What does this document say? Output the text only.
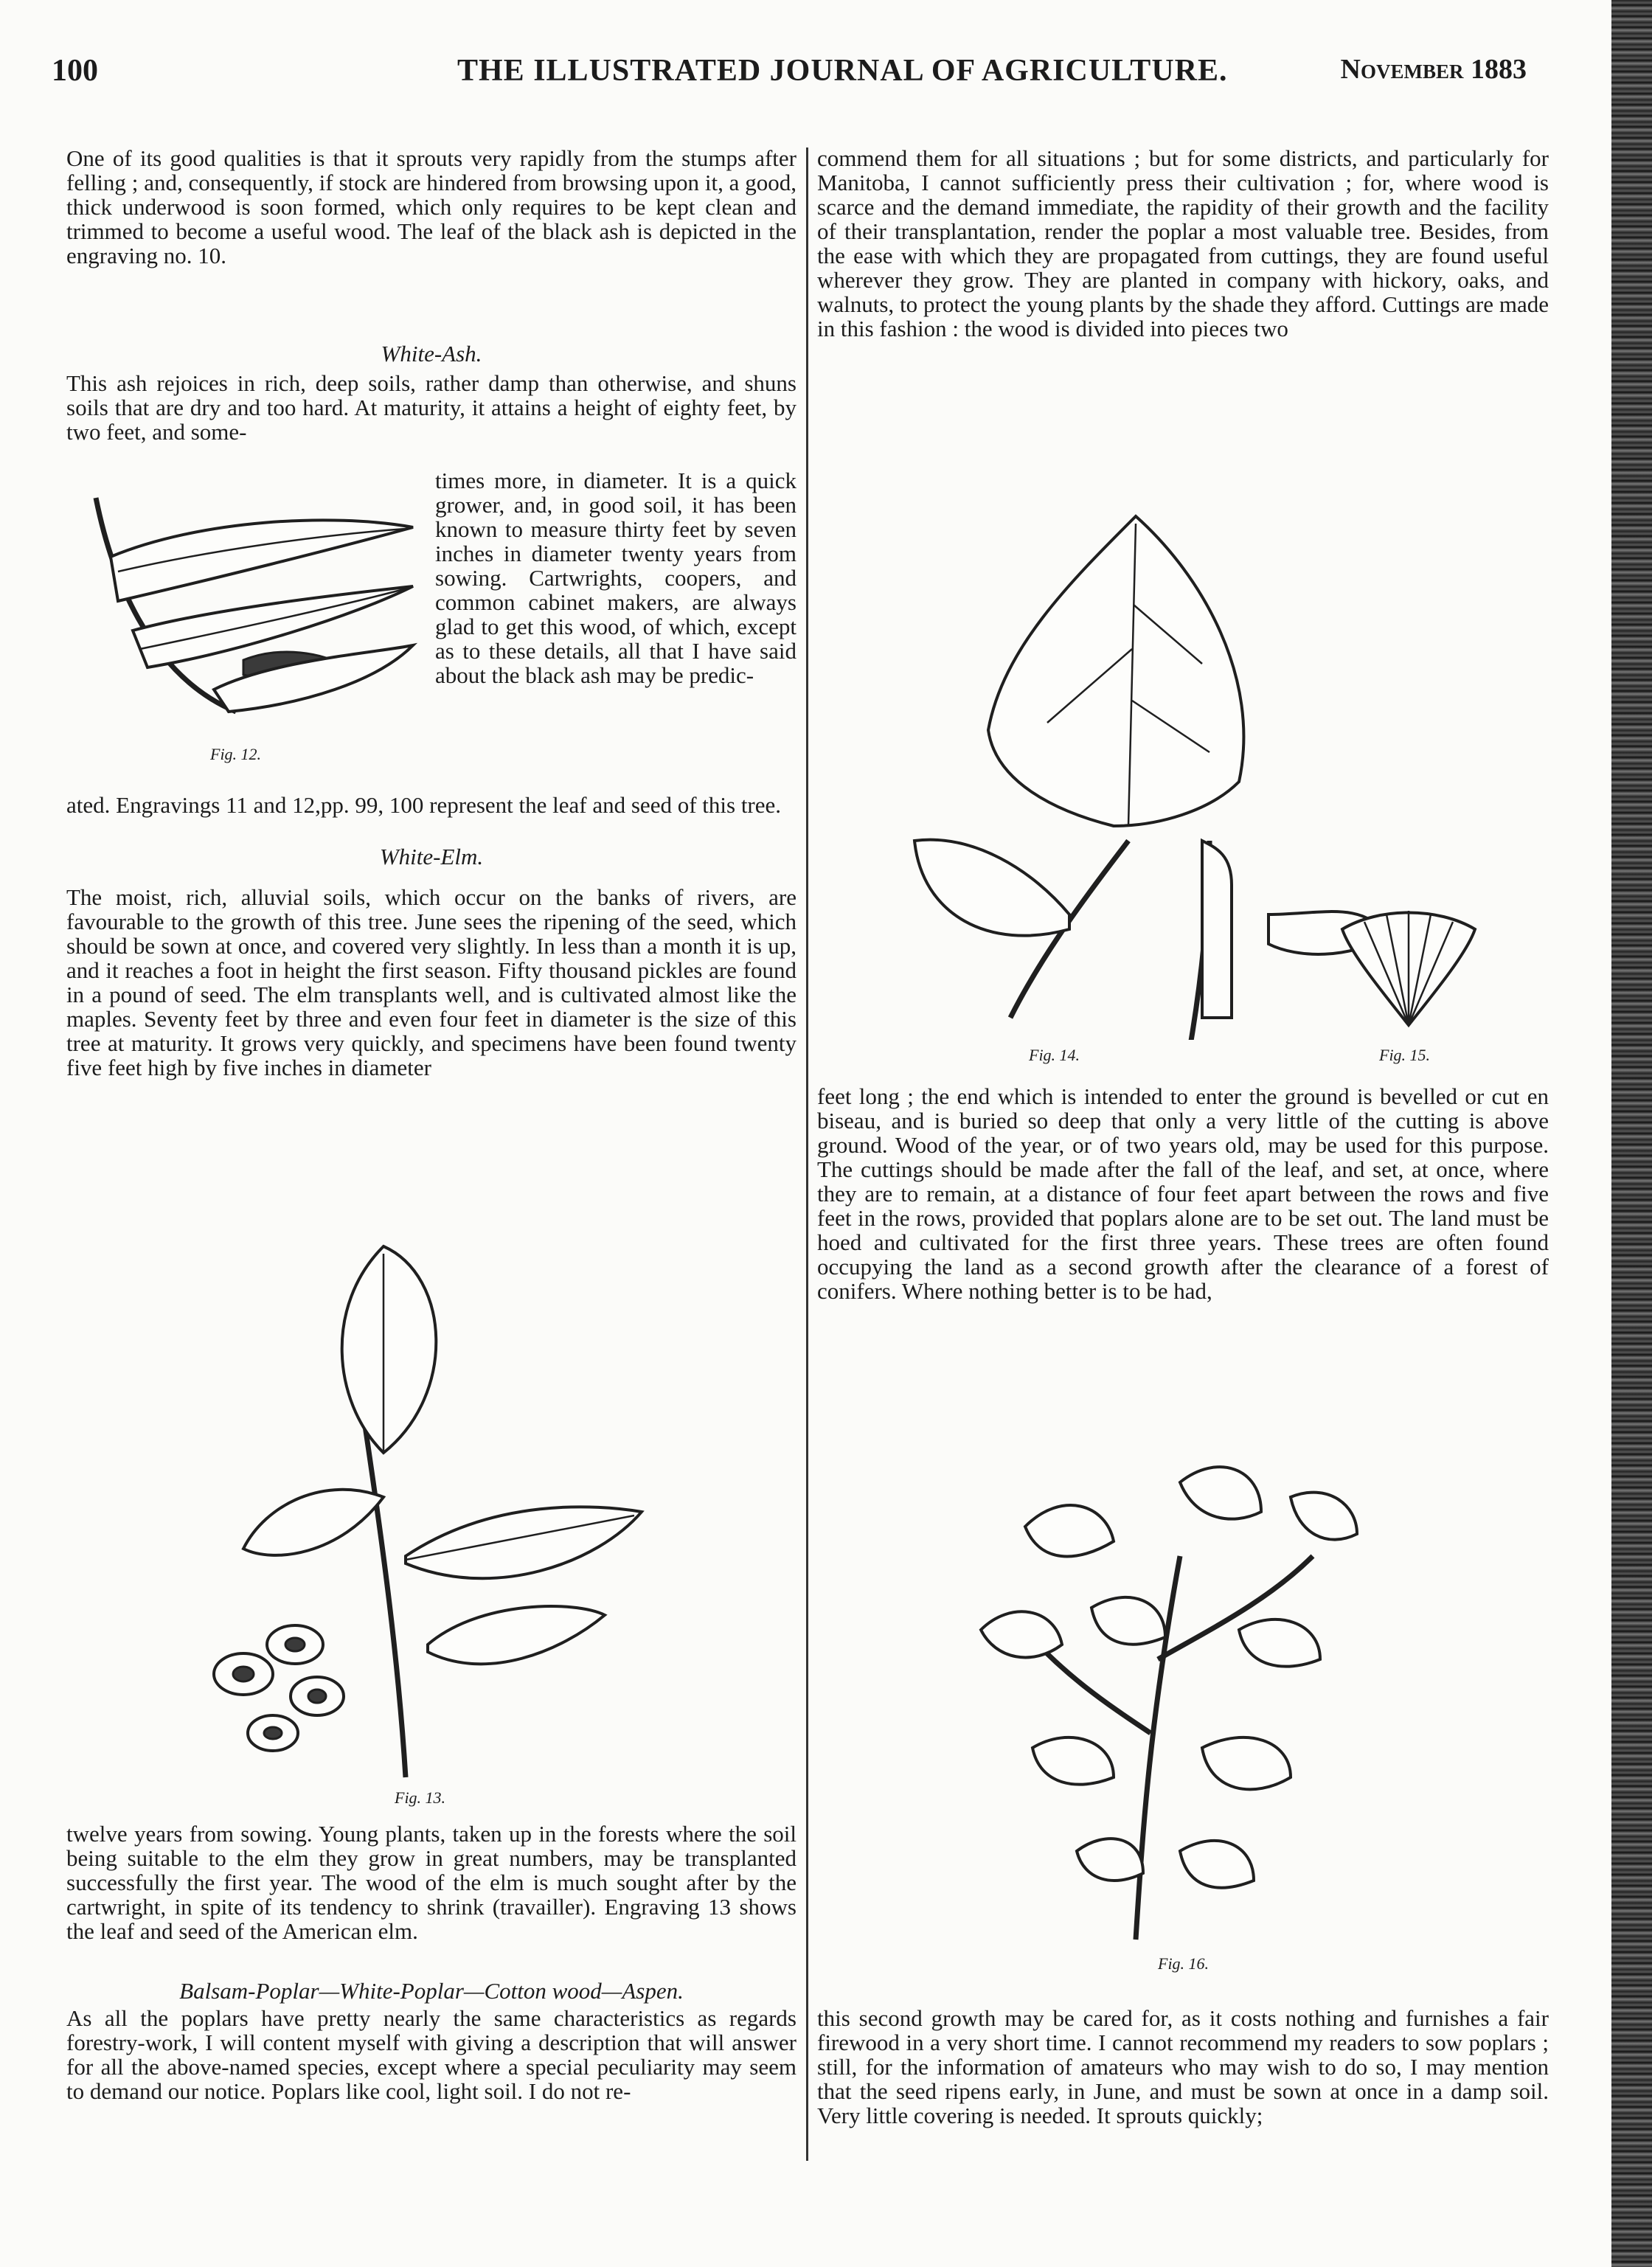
100	THE ILLUSTRATED JOURNAL OF AGRICULTURE.	November 1883

One of its good qualities is that it sprouts very rapidly from the stumps after felling ; and, consequently, if stock are hindered from browsing upon it, a good, thick underwood is soon formed, which only requires to be kept clean and trimmed to become a useful wood. The leaf of the black ash is depicted in the engraving no. 10.

White-Ash.

This ash rejoices in rich, deep soils, rather damp than otherwise, and shuns soils that are dry and too hard. At maturity, it attains a height of eighty feet, by two feet, and some-

Fig. 12.

times more, in diameter. It is a quick grower, and, in good soil, it has been known to measure thirty feet by seven inches in diameter twenty years from sowing. Cartwrights, coopers, and common cabinet makers, are always glad to get this wood, of which, except as to these details, all that I have said about the black ash may be predic-

ated. Engravings 11 and 12,pp. 99, 100 represent the leaf and seed of this tree.

White-Elm.

The moist, rich, alluvial soils, which occur on the banks of rivers, are favourable to the growth of this tree. June sees the ripening of the seed, which should be sown at once, and covered very slightly. In less than a month it is up, and it reaches a foot in height the first season. Fifty thousand pickles are found in a pound of seed. The elm transplants well, and is cultivated almost like the maples. Seventy feet by three and even four feet in diameter is the size of this tree at maturity. It grows very quickly, and specimens have been found twenty five feet high by five inches in diameter

Fig. 13.

twelve years from sowing. Young plants, taken up in the forests where the soil being suitable to the elm they grow in great numbers, may be transplanted successfully the first year. The wood of the elm is much sought after by the cartwright, in spite of its tendency to shrink (travailler). Engraving 13 shows the leaf and seed of the American elm.

Balsam-Poplar—White-Poplar—Cotton wood—Aspen.

As all the poplars have pretty nearly the same characteristics as regards forestry-work, I will content myself with giving a description that will answer for all the above-named species, except where a special peculiarity may seem to demand our notice. Poplars like cool, light soil. I do not re-

commend them for all situations ; but for some districts, and particularly for Manitoba, I cannot sufficiently press their cultivation ; for, where wood is scarce and the demand immediate, the rapidity of their growth and the facility of their transplantation, render the poplar a most valuable tree. Besides, from the ease with which they are propagated from cuttings, they are found useful wherever they grow. They are planted in company with hickory, oaks, and walnuts, to protect the young plants by the shade they afford. Cuttings are made in this fashion : the wood is divided into pieces two

Fig. 14.	Fig. 15.

feet long ; the end which is intended to enter the ground is bevelled or cut en biseau, and is buried so deep that only a very little of the cutting is above ground. Wood of the year, or of two years old, may be used for this purpose. The cuttings should be made after the fall of the leaf, and set, at once, where they are to remain, at a distance of four feet apart between the rows and five feet in the rows, provided that poplars alone are to be set out. The land must be hoed and cultivated for the first three years. These trees are often found occupying the land as a second growth after the clearance of a forest of conifers. Where nothing better is to be had,

Fig. 16.

this second growth may be cared for, as it costs nothing and furnishes a fair firewood in a very short time. I cannot recommend my readers to sow poplars ; still, for the information of amateurs who may wish to do so, I may mention that the seed ripens early, in June, and must be sown at once in a damp soil. Very little covering is needed. It sprouts quickly;
